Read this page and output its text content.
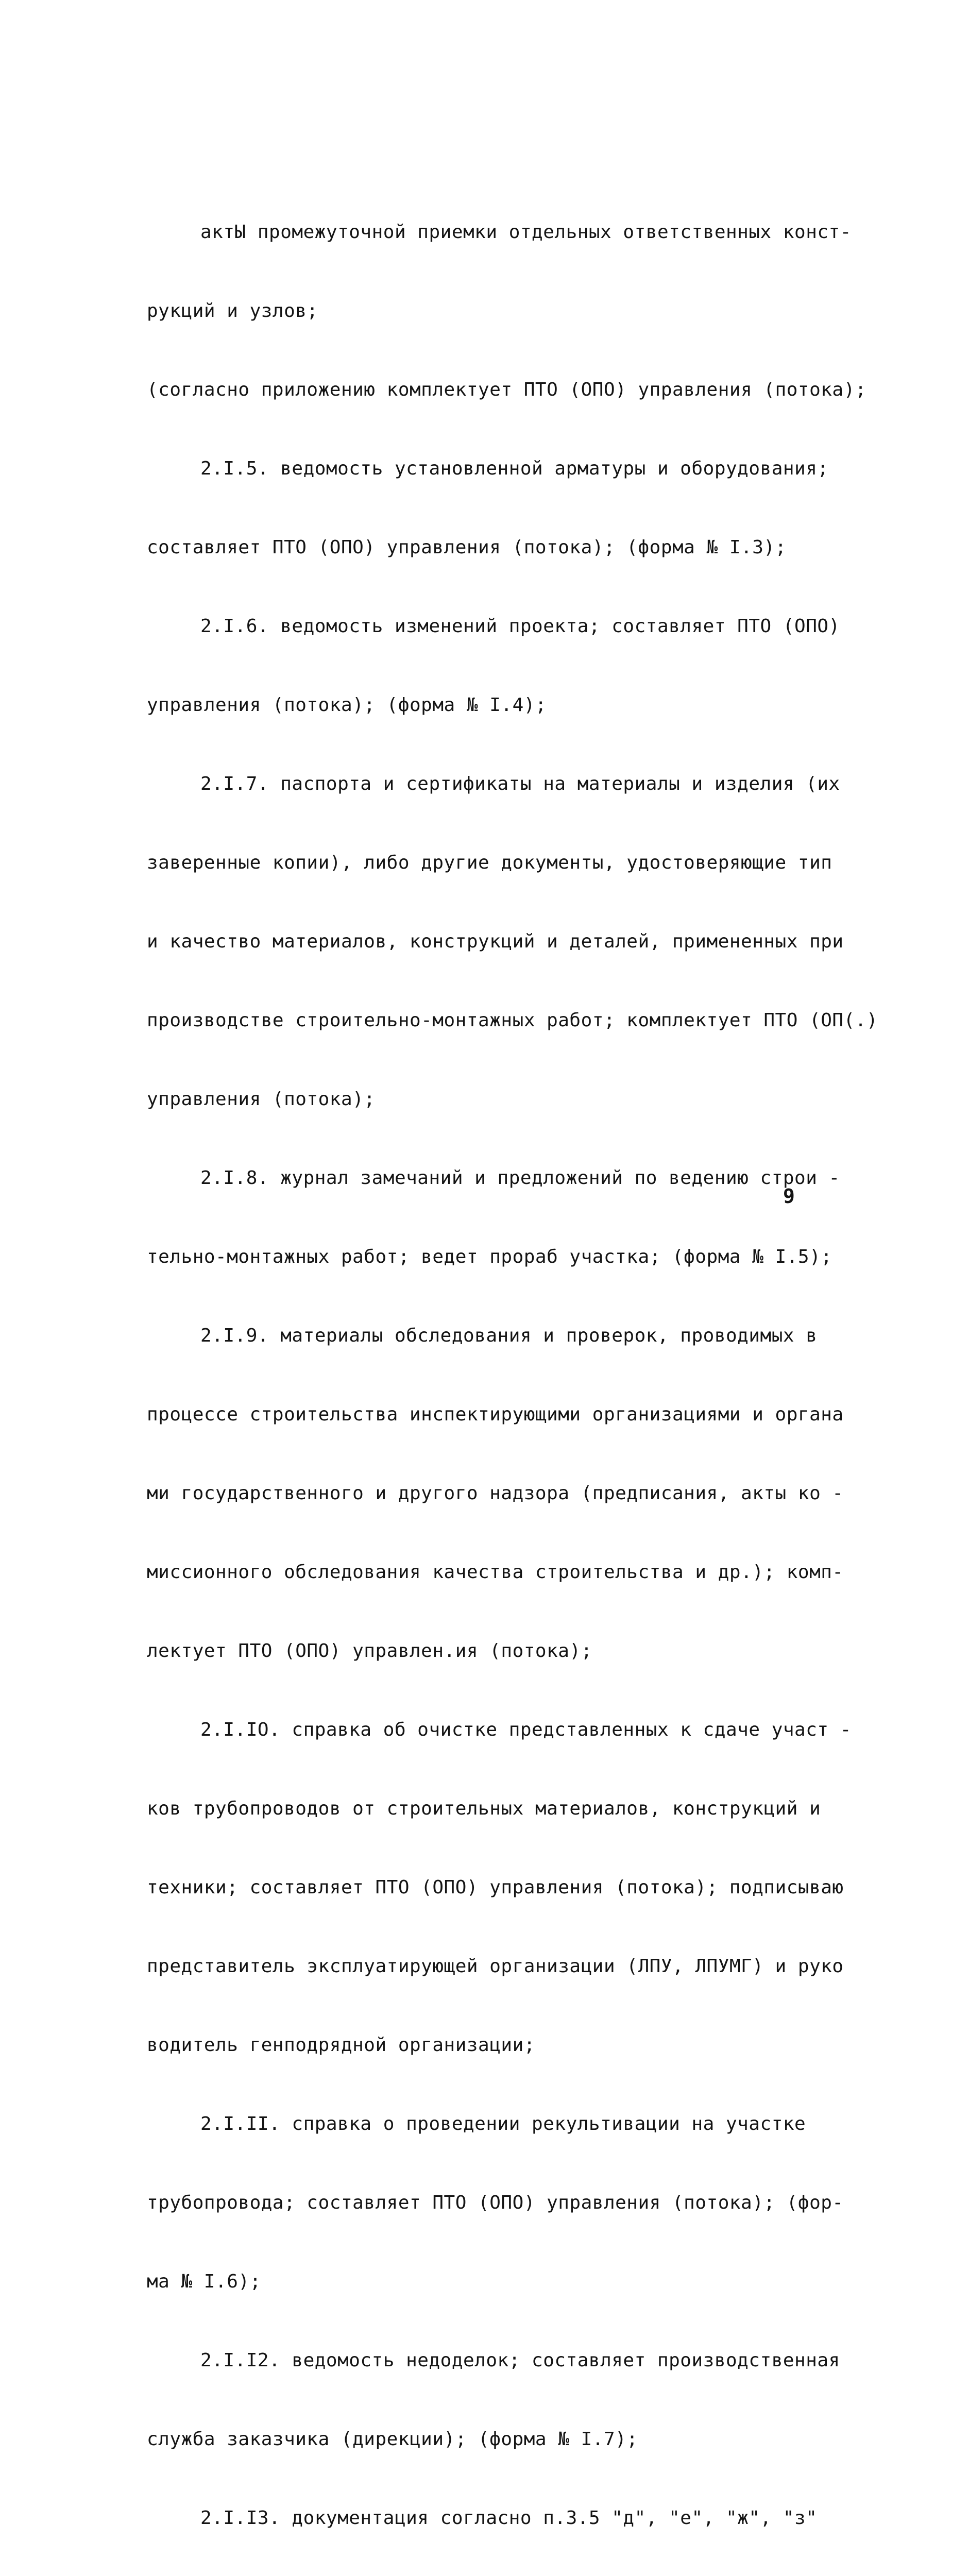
актЫ промежуточной приемки отдельных ответственных конст-

рукций и узлов;

(согласно приложению комплектует ПТО (ОПО) управления (потока);

2.I.5. ведомость установленной арматуры и оборудования;

составляет ПТО (ОПО) управления (потока); (форма № I.3);

2.I.6. ведомость изменений проекта; составляет ПТО (ОПО)

управления (потока); (форма № I.4);

2.I.7. паспорта и сертификаты на материалы и изделия (их

заверенные копии), либо другие документы, удостоверяющие тип

и качество материалов, конструкций и деталей, примененных при

производстве строительно-монтажных работ; комплектует ПТО (ОП(.)

управления (потока);

2.I.8. журнал замечаний и предложений по ведению строи -

тельно-монтажных работ; ведет прораб участка; (форма № I.5);

2.I.9. материалы обследования и проверок, проводимых в

процессе строительства инспектирующими организациями и органа

ми государственного и другого надзора (предписания, акты ко -

миссионного обследования качества строительства и др.); комп-

лектует ПТО (ОПО) управлен.ия (потока);

2.I.IО. справка об очистке представленных к сдаче участ -

ков трубопроводов от строительных материалов, конструкций и

техники; составляет ПТО (ОПО) управления (потока); подписываю

представитель эксплуатирующей организации (ЛПУ, ЛПУМГ) и руко

водитель генподрядной организации;

2.I.II. справка о проведении рекультивации на участке

трубопровода; составляет ПТО (ОПО) управления (потока); (фор-

ма № I.6);

2.I.I2. ведомость недоделок; составляет производственная

служба заказчика (дирекции); (форма № I.7);

2.I.I3. документация согласно п.3.5 "д", "е", "ж", "з"

9
